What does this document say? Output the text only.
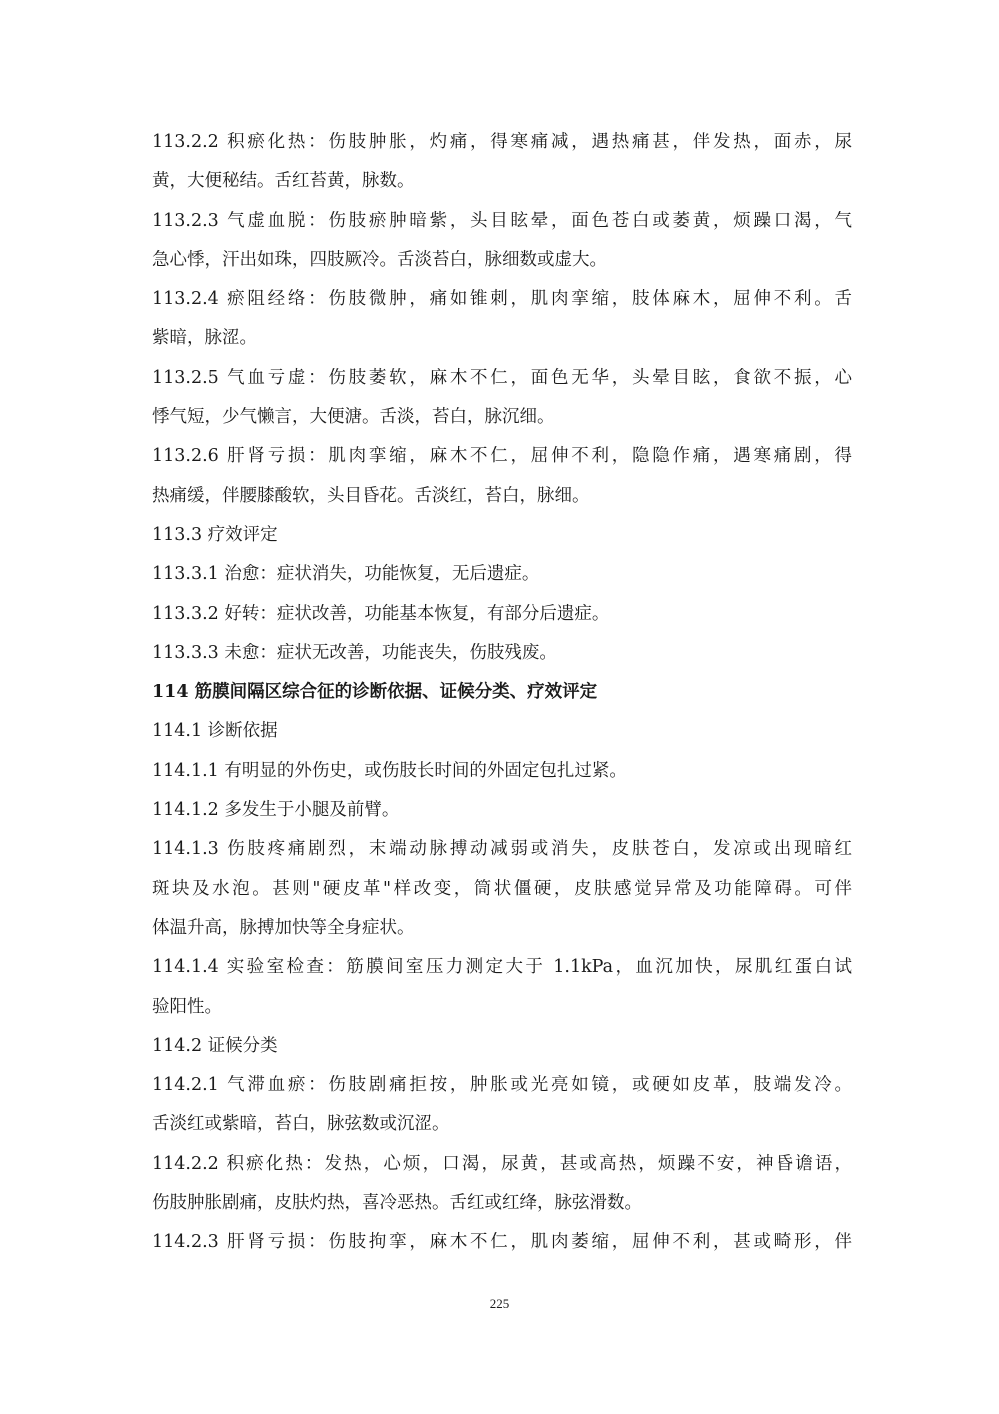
113.2.2 积瘀化热：伤肢肿胀，灼痛，得寒痛减，遇热痛甚，伴发热，面赤，尿
黄，大便秘结。舌红苔黄，脉数。
113.2.3 气虚血脱：伤肢瘀肿暗紫，头目眩晕，面色苍白或萎黄，烦躁口渴，气
急心悸，汗出如珠，四肢厥冷。舌淡苔白，脉细数或虚大。
113.2.4 瘀阻经络：伤肢微肿，痛如锥刺，肌肉挛缩，肢体麻木，屈伸不利。舌
紫暗，脉涩。
113.2.5 气血亏虚：伤肢萎软，麻木不仁，面色无华，头晕目眩，食欲不振，心
悸气短，少气懒言，大便溏。舌淡，苔白，脉沉细。
113.2.6 肝肾亏损：肌肉挛缩，麻木不仁，屈伸不利，隐隐作痛，遇寒痛剧，得
热痛缓，伴腰膝酸软，头目昏花。舌淡红，苔白，脉细。
113.3 疗效评定
113.3.1 治愈：症状消失，功能恢复，无后遗症。
113.3.2 好转：症状改善，功能基本恢复，有部分后遗症。
113.3.3 未愈：症状无改善，功能丧失，伤肢残废。
114 筋膜间隔区综合征的诊断依据、证候分类、疗效评定
114.1 诊断依据
114.1.1 有明显的外伤史，或伤肢长时间的外固定包扎过紧。
114.1.2 多发生于小腿及前臂。
114.1.3 伤肢疼痛剧烈，末端动脉搏动减弱或消失，皮肤苍白，发凉或出现暗红
斑块及水泡。甚则"硬皮革"样改变，筒状僵硬，皮肤感觉异常及功能障碍。可伴
体温升高，脉搏加快等全身症状。
114.1.4 实验室检查：筋膜间室压力测定大于 1.1kPa，血沉加快，尿肌红蛋白试
验阳性。
114.2 证候分类
114.2.1 气滞血瘀：伤肢剧痛拒按，肿胀或光亮如镜，或硬如皮革，肢端发冷。
舌淡红或紫暗，苔白，脉弦数或沉涩。
114.2.2 积瘀化热：发热，心烦，口渴，尿黄，甚或高热，烦躁不安，神昏谵语，
伤肢肿胀剧痛，皮肤灼热，喜冷恶热。舌红或红绛，脉弦滑数。
114.2.3 肝肾亏损：伤肢拘挛，麻木不仁，肌肉萎缩，屈伸不利，甚或畸形，伴
225
